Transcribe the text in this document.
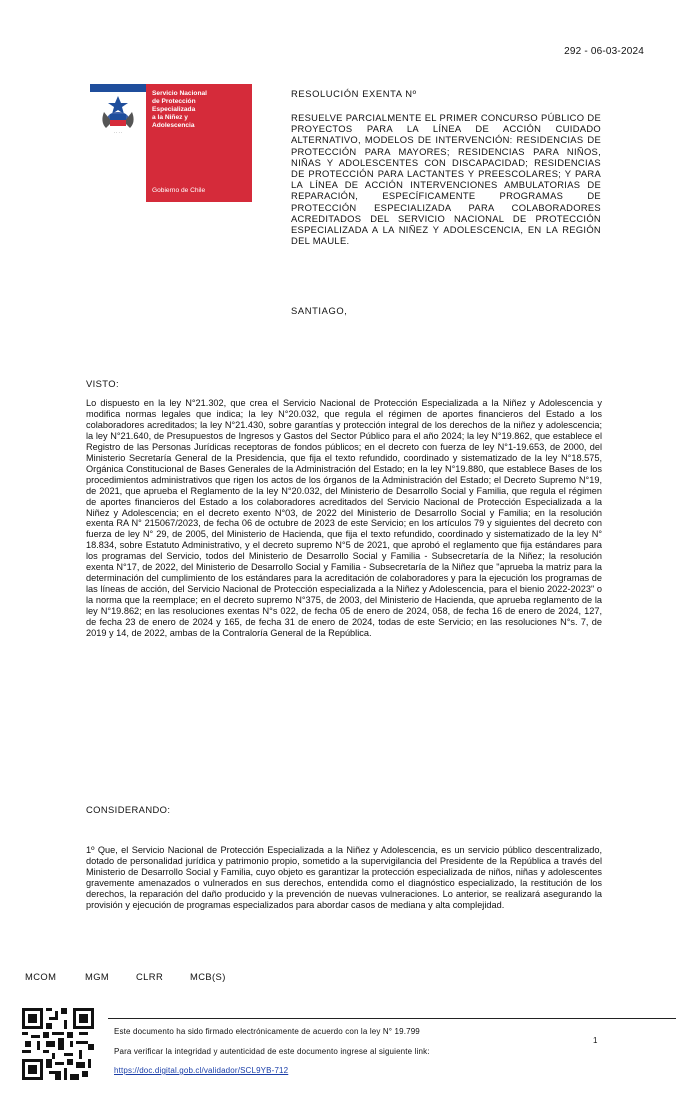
292 - 06-03-2024
· · · ·
Servicio Nacional
de Protección
Especializada
a la Niñez y
Adolescencia
Gobierno de Chile
RESOLUCIÓN EXENTA Nº
RESUELVE PARCIALMENTE EL PRIMER CONCURSO PÚBLICO DE PROYECTOS PARA LA LÍNEA DE ACCIÓN CUIDADO ALTERNATIVO, MODELOS DE INTERVENCIÓN: RESIDENCIAS DE PROTECCIÓN PARA MAYORES; RESIDENCIAS PARA NIÑOS, NIÑAS Y ADOLESCENTES CON DISCAPACIDAD; RESIDENCIAS DE PROTECCIÓN PARA LACTANTES Y PREESCOLARES; Y PARA LA LÍNEA DE ACCIÓN INTERVENCIONES AMBULATORIAS DE REPARACIÓN, ESPECÍFICAMENTE PROGRAMAS DE PROTECCIÓN ESPECIALIZADA PARA COLABORADORES ACREDITADOS DEL SERVICIO NACIONAL DE PROTECCIÓN ESPECIALIZADA A LA NIÑEZ Y ADOLESCENCIA, EN LA REGIÓN DEL MAULE.
SANTIAGO,
VISTO:
Lo dispuesto en la ley N°21.302, que crea el Servicio Nacional de Protección Especializada a la Niñez y Adolescencia y modifica normas legales que indica; la ley N°20.032, que regula el régimen de aportes financieros del Estado a los colaboradores acreditados; la ley N°21.430, sobre garantías y protección integral de los derechos de la niñez y adolescencia; la ley N°21.640, de Presupuestos de Ingresos y Gastos del Sector Público para el año 2024; la ley N°19.862, que establece el Registro de las Personas Jurídicas receptoras de fondos públicos; en el decreto con fuerza de ley N°1-19.653, de 2000, del Ministerio Secretaría General de la Presidencia, que fija el texto refundido, coordinado y sistematizado de la ley N°18.575, Orgánica Constitucional de Bases Generales de la Administración del Estado; en la ley N°19.880, que establece Bases de los procedimientos administrativos que rigen los actos de los órganos de la Administración del Estado; el Decreto Supremo N°19, de 2021, que aprueba el Reglamento de la ley N°20.032, del Ministerio de Desarrollo Social y Familia, que regula el régimen de aportes financieros del Estado a los colaboradores acreditados del Servicio Nacional de Protección Especializada a la Niñez y Adolescencia; en el decreto exento N°03, de 2022 del Ministerio de Desarrollo Social y Familia; en la resolución exenta RA N° 215067/2023, de fecha 06 de octubre de 2023 de este Servicio; en los artículos 79 y siguientes del decreto con fuerza de ley N° 29, de 2005, del Ministerio de Hacienda, que fija el texto refundido, coordinado y sistematizado de la ley N° 18.834, sobre Estatuto Administrativo, y el decreto supremo N°5 de 2021, que aprobó el reglamento que fija estándares para los programas del Servicio, todos del Ministerio de Desarrollo Social y Familia - Subsecretaría de la Niñez; la resolución exenta N°17, de 2022, del Ministerio de Desarrollo Social y Familia - Subsecretaría de la Niñez que "aprueba la matriz para la determinación del cumplimiento de los estándares para la acreditación de colaboradores y para la ejecución los programas de las líneas de acción, del Servicio Nacional de Protección especializada a la Niñez y Adolescencia, para el bienio 2022-2023" o la norma que la reemplace; en el decreto supremo N°375, de 2003, del Ministerio de Hacienda, que aprueba reglamento de la ley N°19.862; en las resoluciones exentas N°s 022, de fecha 05 de enero de 2024, 058, de fecha 16 de enero de 2024, 127, de fecha 23 de enero de 2024 y 165, de fecha 31 de enero de 2024, todas de este Servicio; en las resoluciones N°s. 7, de 2019 y 14, de 2022, ambas de la Contraloría General de la República.
CONSIDERANDO:
1º Que, el Servicio Nacional de Protección Especializada a la Niñez y Adolescencia, es un servicio público descentralizado, dotado de personalidad jurídica y patrimonio propio, sometido a la supervigilancia del Presidente de la República a través del Ministerio de Desarrollo Social y Familia, cuyo objeto es garantizar la protección especializada de niños, niñas y adolescentes gravemente amenazados o vulnerados en sus derechos, entendida como el diagnóstico especializado, la restitución de los derechos, la reparación del daño producido y la prevención de nuevas vulneraciones. Lo anterior, se realizará asegurando la provisión y ejecución de programas especializados para abordar casos de mediana y alta complejidad.
MCOM	MGM	CLRR	MCB(S)
Este documento ha sido firmado electrónicamente de acuerdo con la ley N° 19.799
Para verificar la integridad y autenticidad de este documento ingrese al siguiente link:
https://doc.digital.gob.cl/validador/SCL9YB-712
1
